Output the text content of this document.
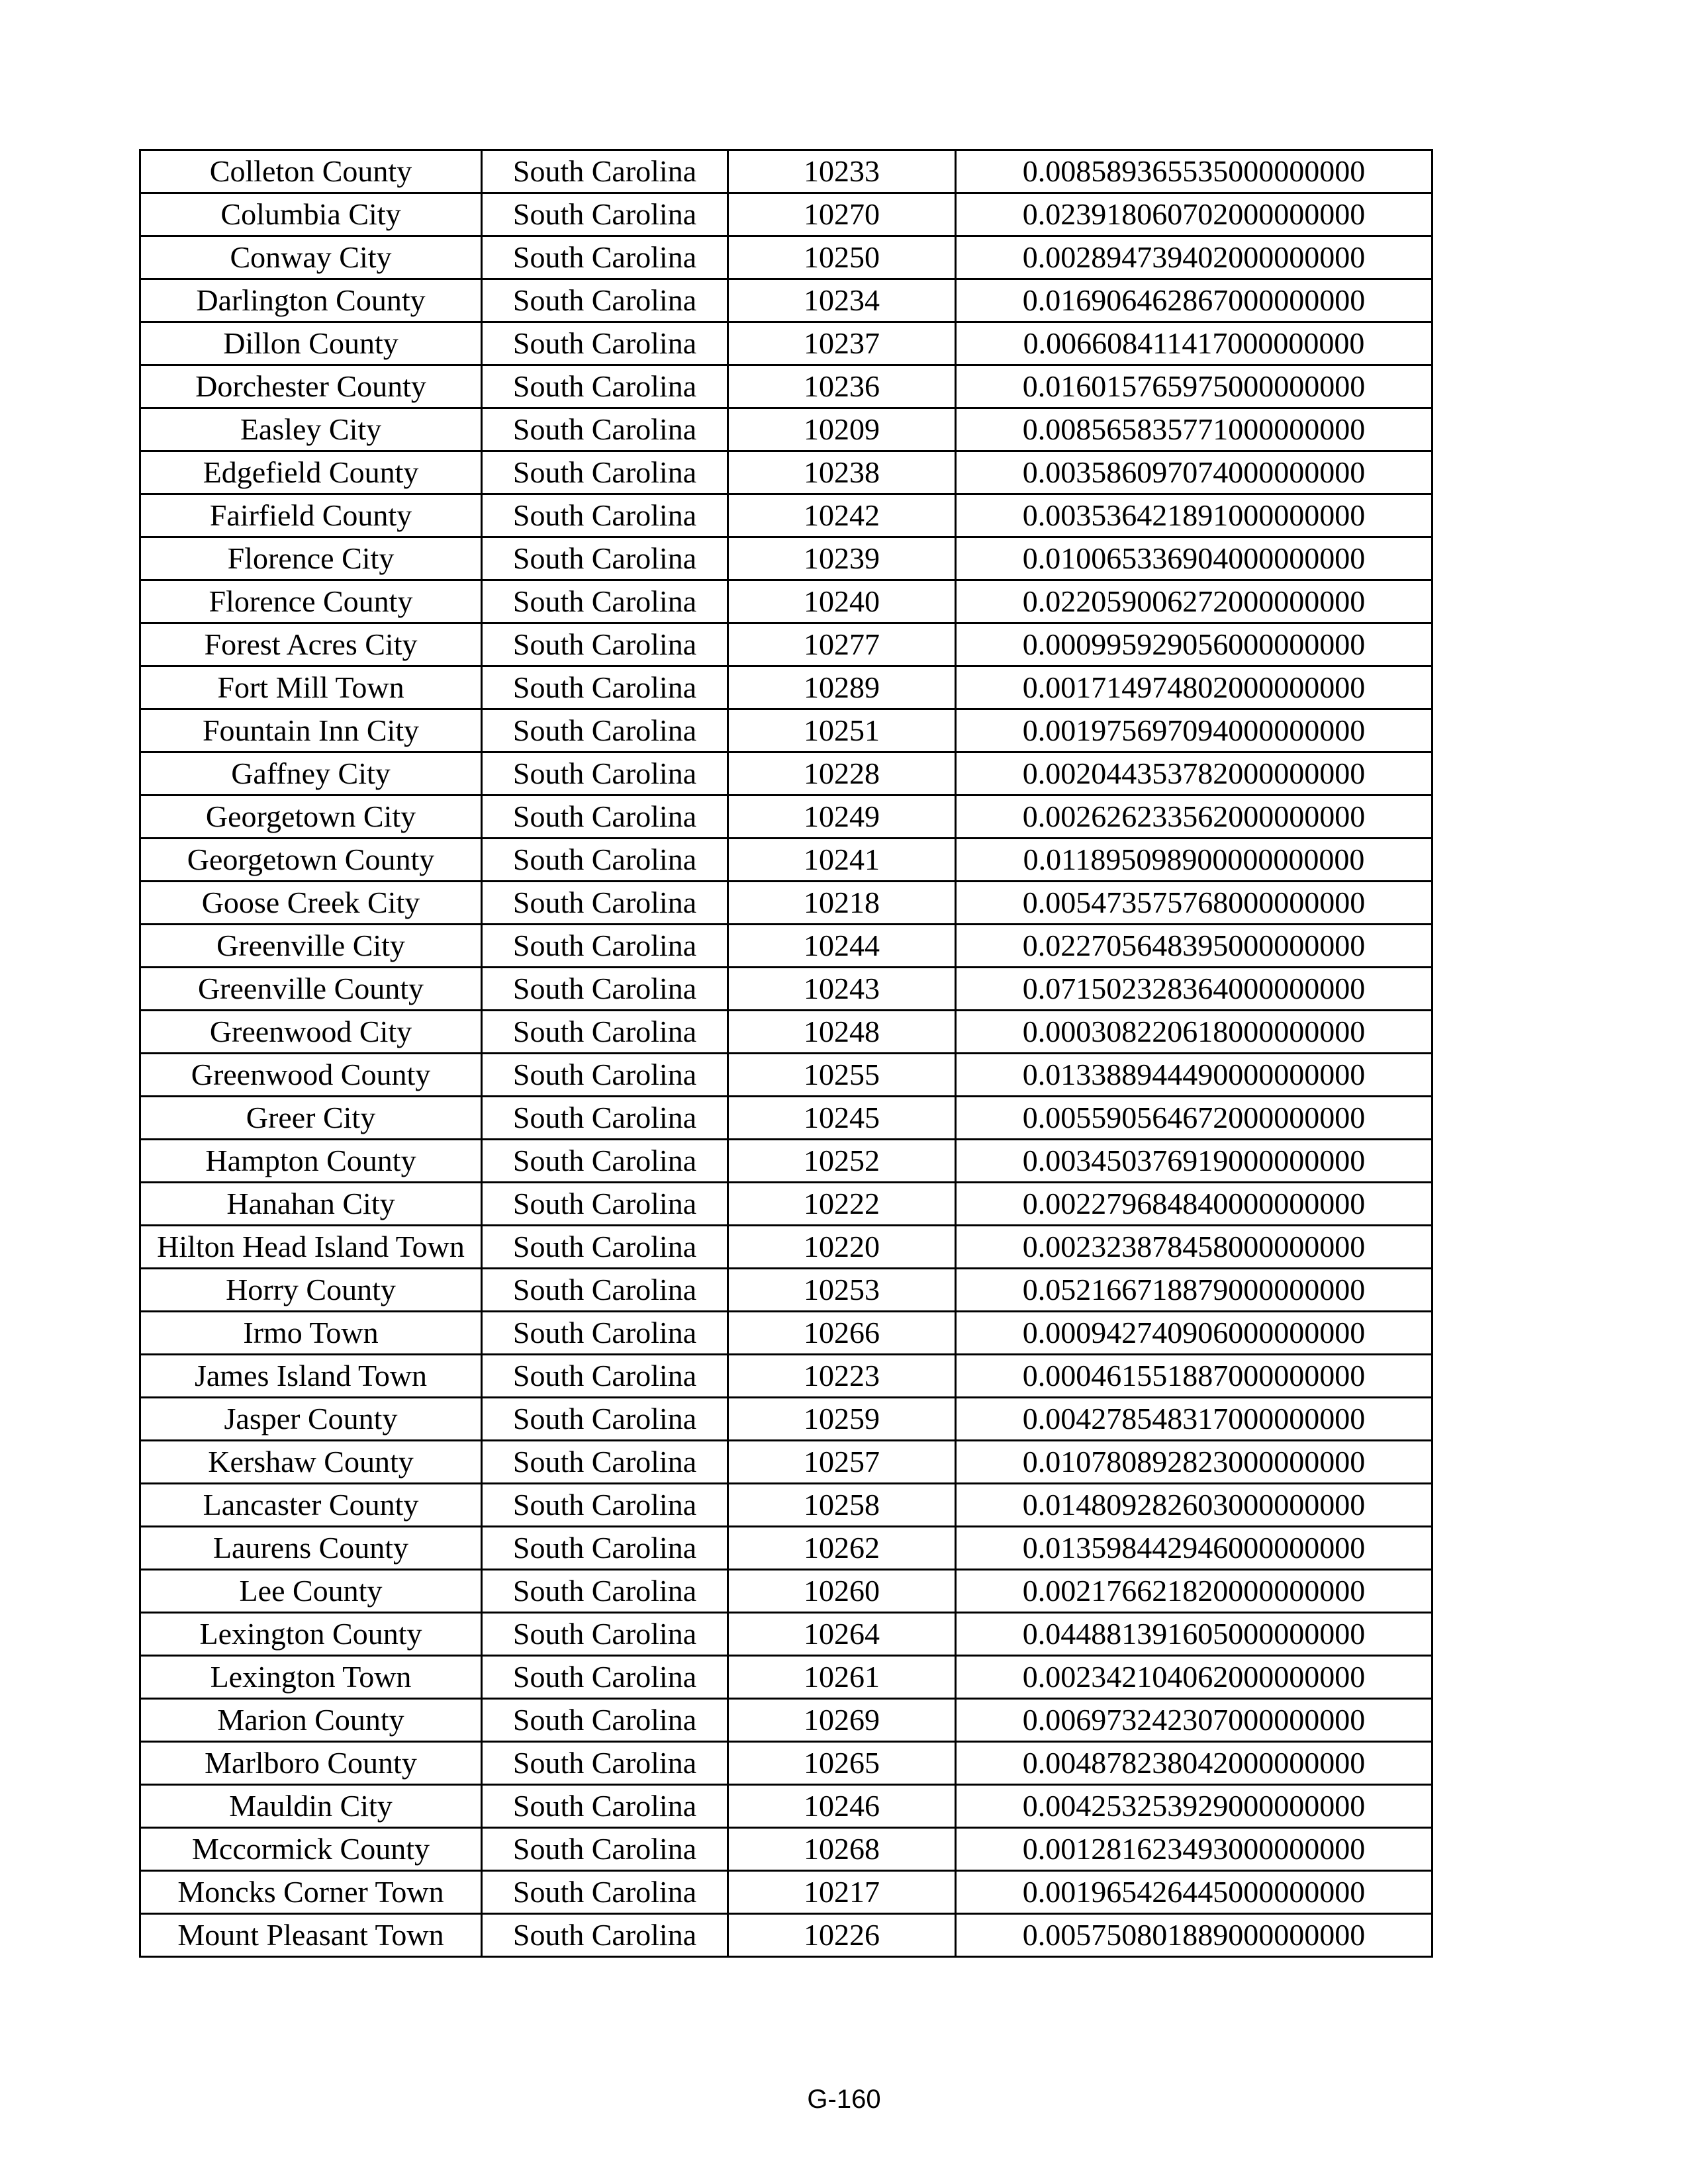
Colleton County	South Carolina	10233	0.008589365535000000000
Columbia City	South Carolina	10270	0.023918060702000000000
Conway City	South Carolina	10250	0.002894739402000000000
Darlington County	South Carolina	10234	0.016906462867000000000
Dillon County	South Carolina	10237	0.006608411417000000000
Dorchester County	South Carolina	10236	0.016015765975000000000
Easley City	South Carolina	10209	0.008565835771000000000
Edgefield County	South Carolina	10238	0.003586097074000000000
Fairfield County	South Carolina	10242	0.003536421891000000000
Florence City	South Carolina	10239	0.010065336904000000000
Florence County	South Carolina	10240	0.022059006272000000000
Forest Acres City	South Carolina	10277	0.000995929056000000000
Fort Mill Town	South Carolina	10289	0.001714974802000000000
Fountain Inn City	South Carolina	10251	0.001975697094000000000
Gaffney City	South Carolina	10228	0.002044353782000000000
Georgetown City	South Carolina	10249	0.002626233562000000000
Georgetown County	South Carolina	10241	0.011895098900000000000
Goose Creek City	South Carolina	10218	0.005473575768000000000
Greenville City	South Carolina	10244	0.022705648395000000000
Greenville County	South Carolina	10243	0.071502328364000000000
Greenwood City	South Carolina	10248	0.000308220618000000000
Greenwood County	South Carolina	10255	0.013388944490000000000
Greer City	South Carolina	10245	0.005590564672000000000
Hampton County	South Carolina	10252	0.003450376919000000000
Hanahan City	South Carolina	10222	0.002279684840000000000
Hilton Head Island Town	South Carolina	10220	0.002323878458000000000
Horry County	South Carolina	10253	0.052166718879000000000
Irmo Town	South Carolina	10266	0.000942740906000000000
James Island Town	South Carolina	10223	0.000461551887000000000
Jasper County	South Carolina	10259	0.004278548317000000000
Kershaw County	South Carolina	10257	0.010780892823000000000
Lancaster County	South Carolina	10258	0.014809282603000000000
Laurens County	South Carolina	10262	0.013598442946000000000
Lee County	South Carolina	10260	0.002176621820000000000
Lexington County	South Carolina	10264	0.044881391605000000000
Lexington Town	South Carolina	10261	0.002342104062000000000
Marion County	South Carolina	10269	0.006973242307000000000
Marlboro County	South Carolina	10265	0.004878238042000000000
Mauldin City	South Carolina	10246	0.004253253929000000000
Mccormick County	South Carolina	10268	0.001281623493000000000
Moncks Corner Town	South Carolina	10217	0.001965426445000000000
Mount Pleasant Town	South Carolina	10226	0.005750801889000000000
G-160
